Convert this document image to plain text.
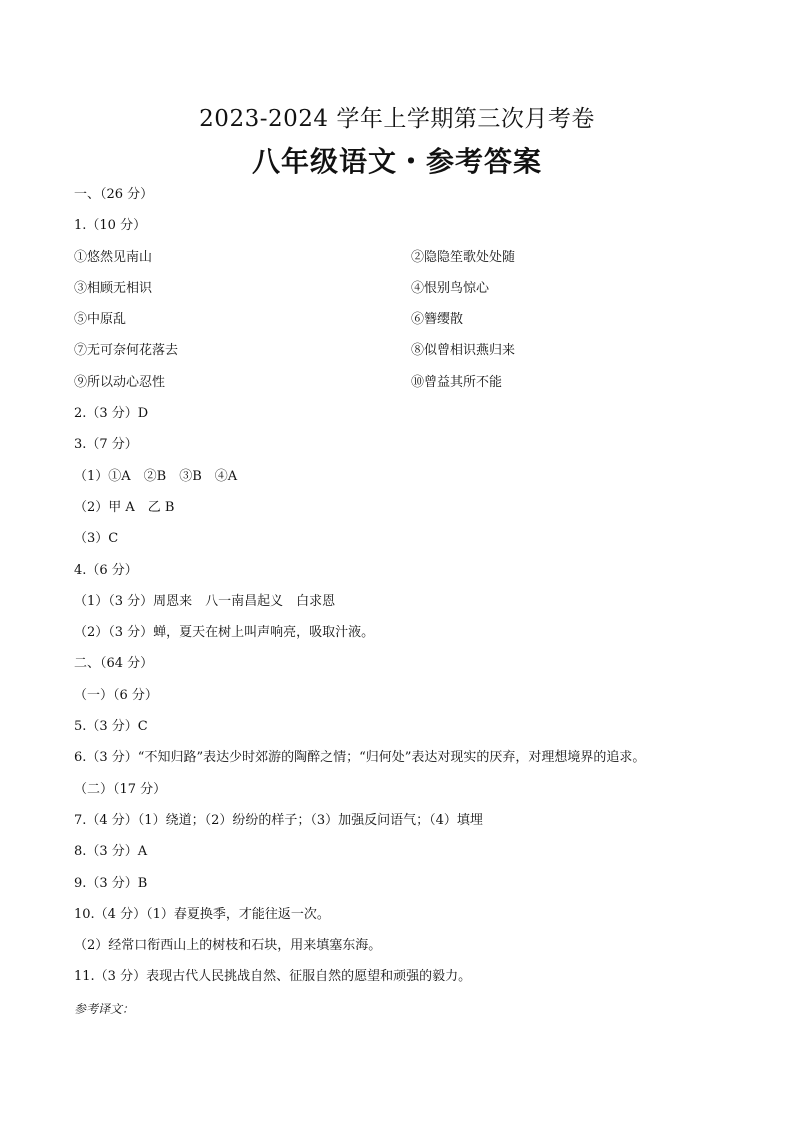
2023-2024 学年上学期第三次月考卷
八年级语文・参考答案
一、（26 分）
1.（10 分）
①悠然见南山	②隐隐笙歌处处随
③相顾无相识	④恨别鸟惊心
⑤中原乱	⑥簪缨散
⑦无可奈何花落去	⑧似曾相识燕归来
⑨所以动心忍性	⑩曾益其所不能
2.（3 分）D
3.（7 分）
（1）①A　②B　③B　④A
（2）甲 A　乙 B
（3）C
4.（6 分）
（1）（3 分）周恩来　八一南昌起义　白求恩
（2）（3 分）蝉，夏天在树上叫声响亮，吸取汁液。
二、（64 分）
（一）（6 分）
5.（3 分）C
6.（3 分）“不知归路”表达少时郊游的陶醉之情；“归何处”表达对现实的厌弃，对理想境界的追求。
（二）（17 分）
7.（4 分）（1）绕道；（2）纷纷的样子；（3）加强反问语气；（4）填埋
8.（3 分）A
9.（3 分）B
10.（4 分）（1）春夏换季，才能往返一次。
（2）经常口衔西山上的树枝和石块，用来填塞东海。
11.（3 分）表现古代人民挑战自然、征服自然的愿望和顽强的毅力。
参考译文：
